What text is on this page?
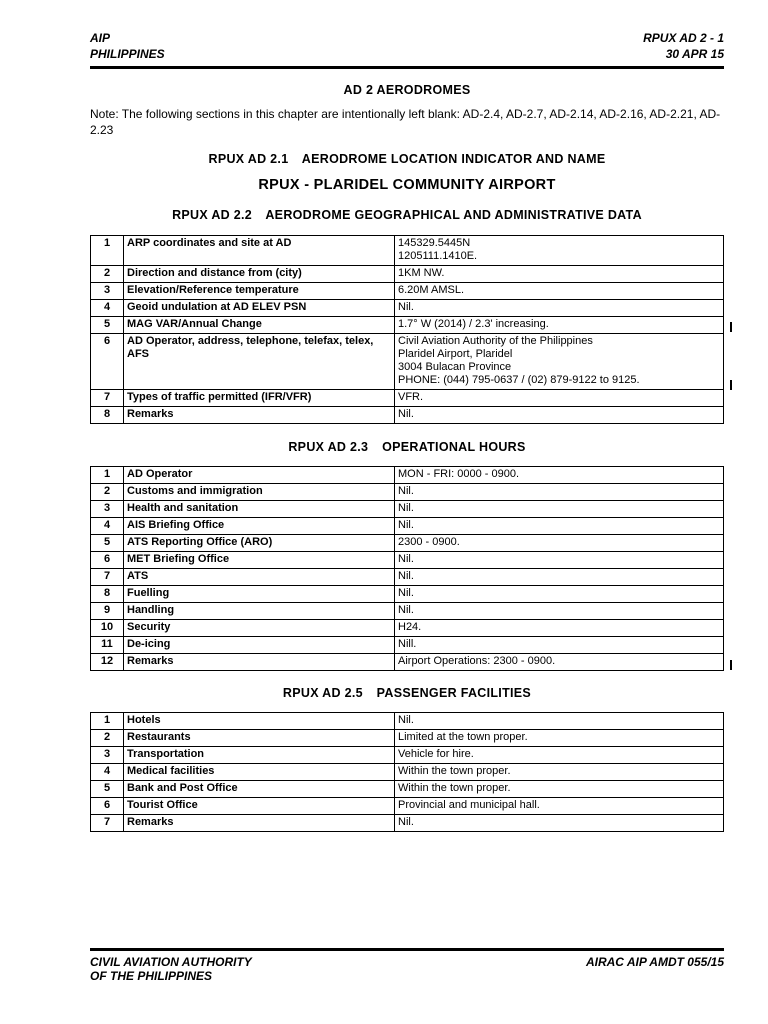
AIP
PHILIPPINES
RPUX AD 2 - 1
30 APR 15
AD 2 AERODROMES
Note: The following sections in this chapter are intentionally left blank: AD-2.4, AD-2.7, AD-2.14, AD-2.16, AD-2.21, AD-2.23
RPUX AD 2.1 AERODROME LOCATION INDICATOR AND NAME
RPUX - PLARIDEL COMMUNITY AIRPORT
RPUX AD 2.2 AERODROME GEOGRAPHICAL AND ADMINISTRATIVE DATA
1	ARP coordinates and site at AD	145329.5445N
1205111.1410E.
2	Direction and distance from (city)	1KM NW.
3	Elevation/Reference temperature	6.20M AMSL.
4	Geoid undulation at AD ELEV PSN	Nil.
5	MAG VAR/Annual Change	1.7° W (2014) / 2.3' increasing.
6	AD Operator, address, telephone, telefax, telex, AFS	Civil Aviation Authority of the Philippines
Plaridel Airport, Plaridel
3004 Bulacan Province
PHONE: (044) 795-0637 / (02) 879-9122 to 9125.
7	Types of traffic permitted (IFR/VFR)	VFR.
8	Remarks	Nil.
RPUX AD 2.3 OPERATIONAL HOURS
1	AD Operator	MON - FRI: 0000 - 0900.
2	Customs and immigration	Nil.
3	Health and sanitation	Nil.
4	AIS Briefing Office	Nil.
5	ATS Reporting Office (ARO)	2300 - 0900.
6	MET Briefing Office	Nil.
7	ATS	Nil.
8	Fuelling	Nil.
9	Handling	Nil.
10	Security	H24.
11	De-icing	Nill.
12	Remarks	Airport Operations: 2300 - 0900.
RPUX AD 2.5 PASSENGER FACILITIES
1	Hotels	Nil.
2	Restaurants	Limited at the town proper.
3	Transportation	Vehicle for hire.
4	Medical facilities	Within the town proper.
5	Bank and Post Office	Within the town proper.
6	Tourist Office	Provincial and municipal hall.
7	Remarks	Nil.
CIVIL AVIATION AUTHORITY
OF THE PHILIPPINES
AIRAC AIP AMDT 055/15
